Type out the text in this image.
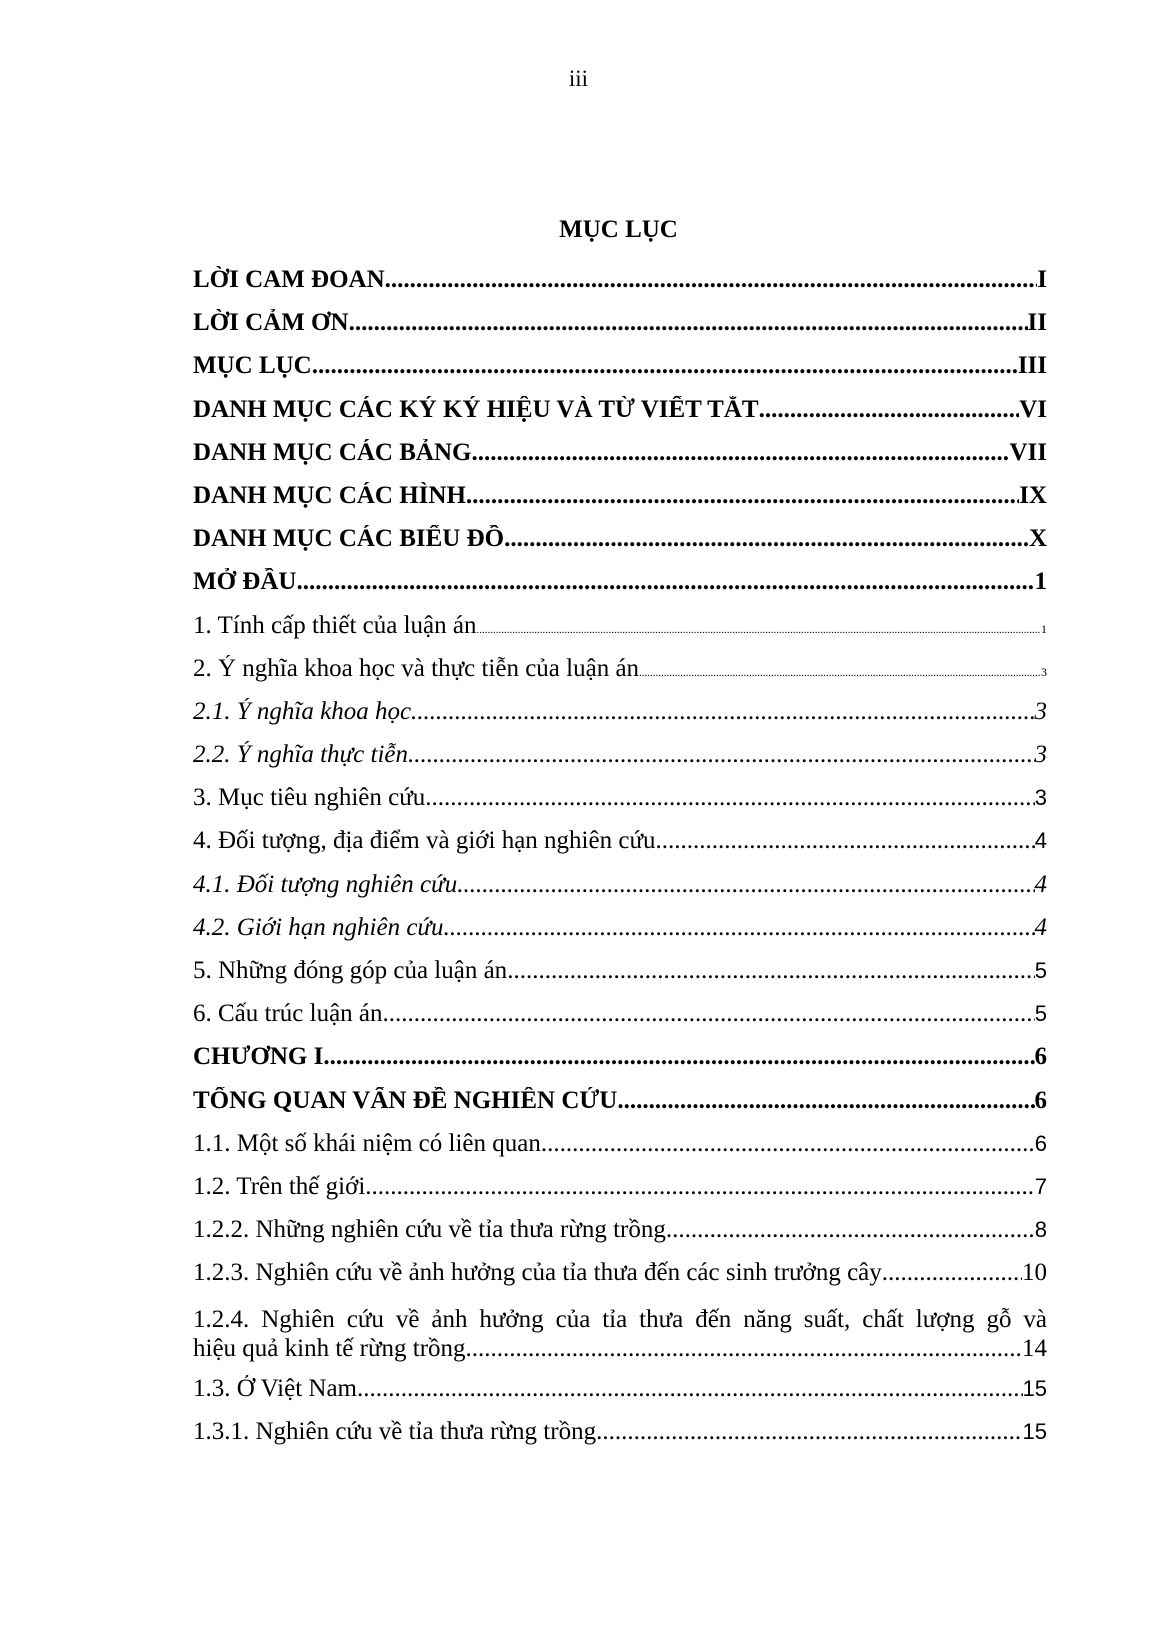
iii
MỤC LỤC
LỜI CAM ĐOAN .....	I
LỜI CẢM ƠN .....	II
MỤC LỤC .....	III
DANH MỤC CÁC KÝ KÝ HIỆU VÀ TỪ VIẾT TẮT .....	VI
DANH MỤC CÁC BẢNG .....	VII
DANH MỤC CÁC HÌNH .....	IX
DANH MỤC CÁC BIỂU ĐỒ .....	X
MỞ ĐẦU .....	1
1. Tính cấp thiết của luận án .....	1
2. Ý nghĩa khoa học và thực tiễn của luận án .....	3
2.1. Ý nghĩa khoa học .....	3
2.2. Ý nghĩa thực tiễn .....	3
3. Mục tiêu nghiên cứu .....	3
4. Đối tượng, địa điểm và giới hạn nghiên cứu .....	4
4.1. Đối tượng nghiên cứu .....	4
4.2. Giới hạn nghiên cứu .....	4
5. Những đóng góp của luận án .....	5
6. Cấu trúc luận án .....	5
CHƯƠNG I .....	6
TỔNG QUAN VẤN ĐỀ NGHIÊN CỨU .....	6
1.1. Một số khái niệm có liên quan .....	6
1.2. Trên thế giới .....	7
1.2.2. Những nghiên cứu về tỉa thưa rừng trồng .....	8
1.2.3. Nghiên cứu về ảnh hưởng của tỉa thưa đến các sinh trưởng cây .....	10
1.2.4. Nghiên cứu về ảnh hưởng của tỉa thưa đến năng suất, chất lượng gỗ và
hiệu quả kinh tế rừng trồng .....	14
1.3. Ở Việt Nam .....	15
1.3.1. Nghiên cứu về tỉa thưa rừng trồng .....	15
